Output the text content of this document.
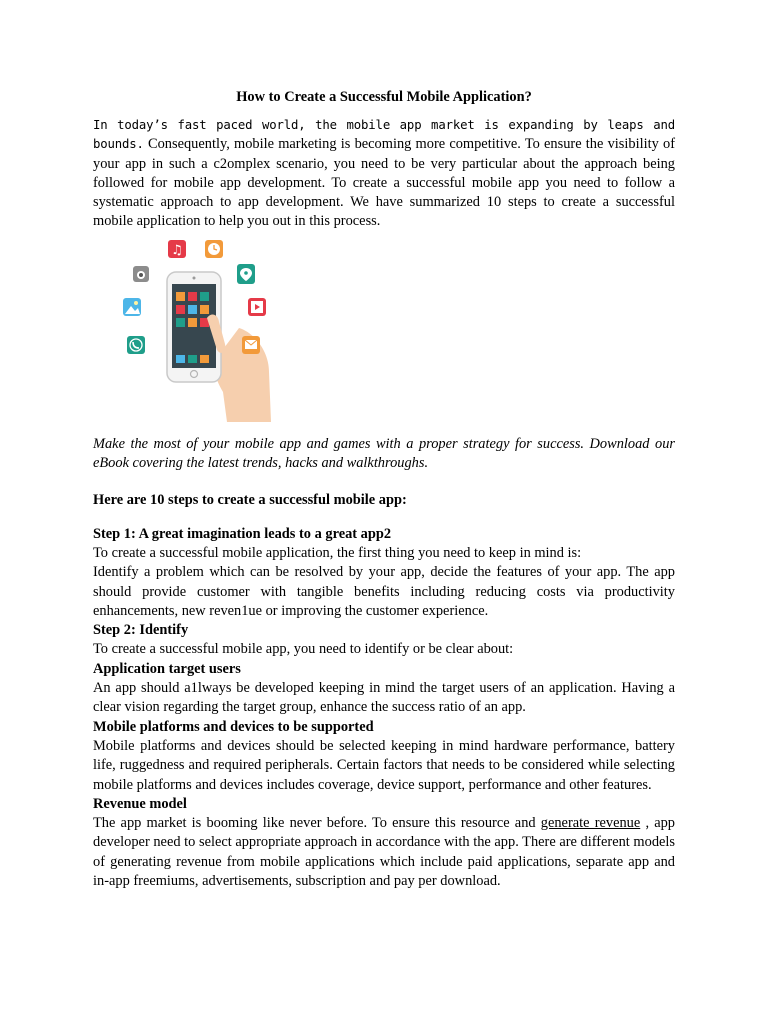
How to Create a Successful Mobile Application?

In today’s fast paced world, the mobile app market is expanding by leaps and bounds. Consequently, mobile marketing is becoming more competitive. To ensure the visibility of your app in such a c2omplex scenario, you need to be very particular about the approach being followed for mobile app development. To create a successful mobile app you need to follow a systematic approach to app development. We have summarized 10 steps to create a successful mobile application to help you out in this process.

♫

Make the most of your mobile app and games with a proper strategy for success. Download our eBook covering the latest trends, hacks and walkthroughs.

Here are 10 steps to create a successful mobile app:

Step 1: A great imagination leads to a great app2

To create a successful mobile application, the first thing you need to keep in mind is:

Identify a problem which can be resolved by your app, decide the features of your app. The app should provide customer with tangible benefits including reducing costs via productivity enhancements, new reven1ue or improving the customer experience.

Step 2: Identify

To create a successful mobile app, you need to identify or be clear about:

Application target users

An app should a1lways be developed keeping in mind the target users of an application. Having a clear vision regarding the target group, enhance the success ratio of an app.

Mobile platforms and devices to be supported

Mobile platforms and devices should be selected keeping in mind hardware performance, battery life, ruggedness and required peripherals. Certain factors that needs to be considered while selecting mobile platforms and devices includes coverage, device support, performance and other features.

Revenue model

The app market is booming like never before. To ensure this resource and generate revenue , app developer need to select appropriate approach in accordance with the app. There are different models of generating revenue from mobile applications which include paid applications, separate app and in-app freemiums, advertisements, subscription and pay per download.
